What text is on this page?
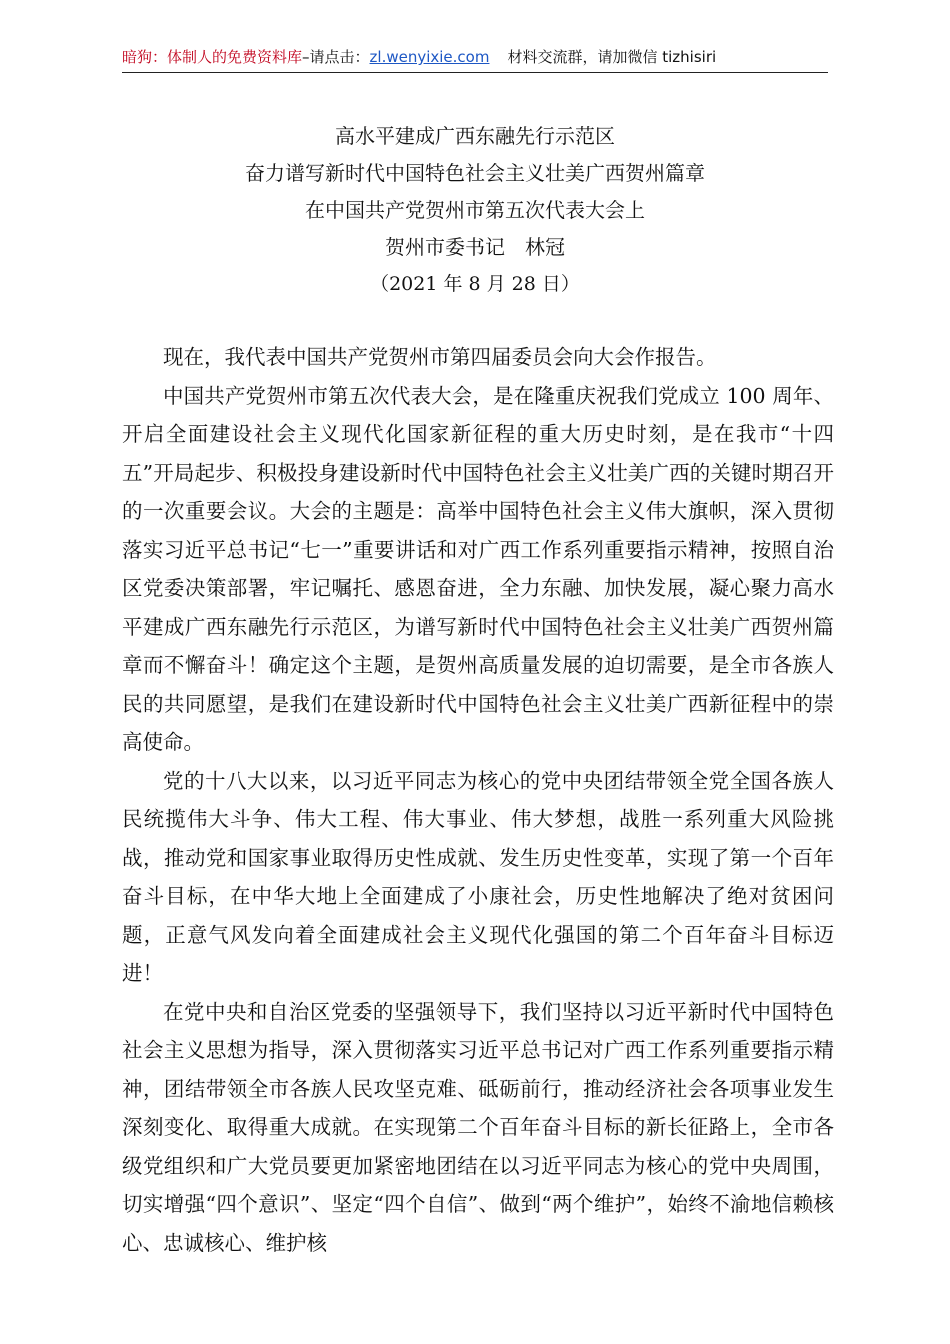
暗狗：体制人的免费资料库–请点击：zl.wenyixie.com 材料交流群，请加微信 tizhisiri
高水平建成广西东融先行示范区
奋力谱写新时代中国特色社会主义壮美广西贺州篇章
在中国共产党贺州市第五次代表大会上
贺州市委书记　林冠
（2021 年 8 月 28 日）

现在，我代表中国共产党贺州市第四届委员会向大会作报告。

中国共产党贺州市第五次代表大会，是在隆重庆祝我们党成立 100 周年、开启全面建设社会主义现代化国家新征程的重大历史时刻，是在我市“十四五”开局起步、积极投身建设新时代中国特色社会主义壮美广西的关键时期召开的一次重要会议。大会的主题是：高举中国特色社会主义伟大旗帜，深入贯彻落实习近平总书记“七一”重要讲话和对广西工作系列重要指示精神，按照自治区党委决策部署，牢记嘱托、感恩奋进，全力东融、加快发展，凝心聚力高水平建成广西东融先行示范区，为谱写新时代中国特色社会主义壮美广西贺州篇章而不懈奋斗！确定这个主题，是贺州高质量发展的迫切需要，是全市各族人民的共同愿望，是我们在建设新时代中国特色社会主义壮美广西新征程中的崇高使命。

党的十八大以来，以习近平同志为核心的党中央团结带领全党全国各族人民统揽伟大斗争、伟大工程、伟大事业、伟大梦想，战胜一系列重大风险挑战，推动党和国家事业取得历史性成就、发生历史性变革，实现了第一个百年奋斗目标，在中华大地上全面建成了小康社会，历史性地解决了绝对贫困问题，正意气风发向着全面建成社会主义现代化强国的第二个百年奋斗目标迈进！

在党中央和自治区党委的坚强领导下，我们坚持以习近平新时代中国特色社会主义思想为指导，深入贯彻落实习近平总书记对广西工作系列重要指示精神，团结带领全市各族人民攻坚克难、砥砺前行，推动经济社会各项事业发生深刻变化、取得重大成就。在实现第二个百年奋斗目标的新长征路上，全市各级党组织和广大党员要更加紧密地团结在以习近平同志为核心的党中央周围，切实增强“四个意识”、坚定“四个自信”、做到“两个维护”，始终不渝地信赖核心、忠诚核心、维护核
